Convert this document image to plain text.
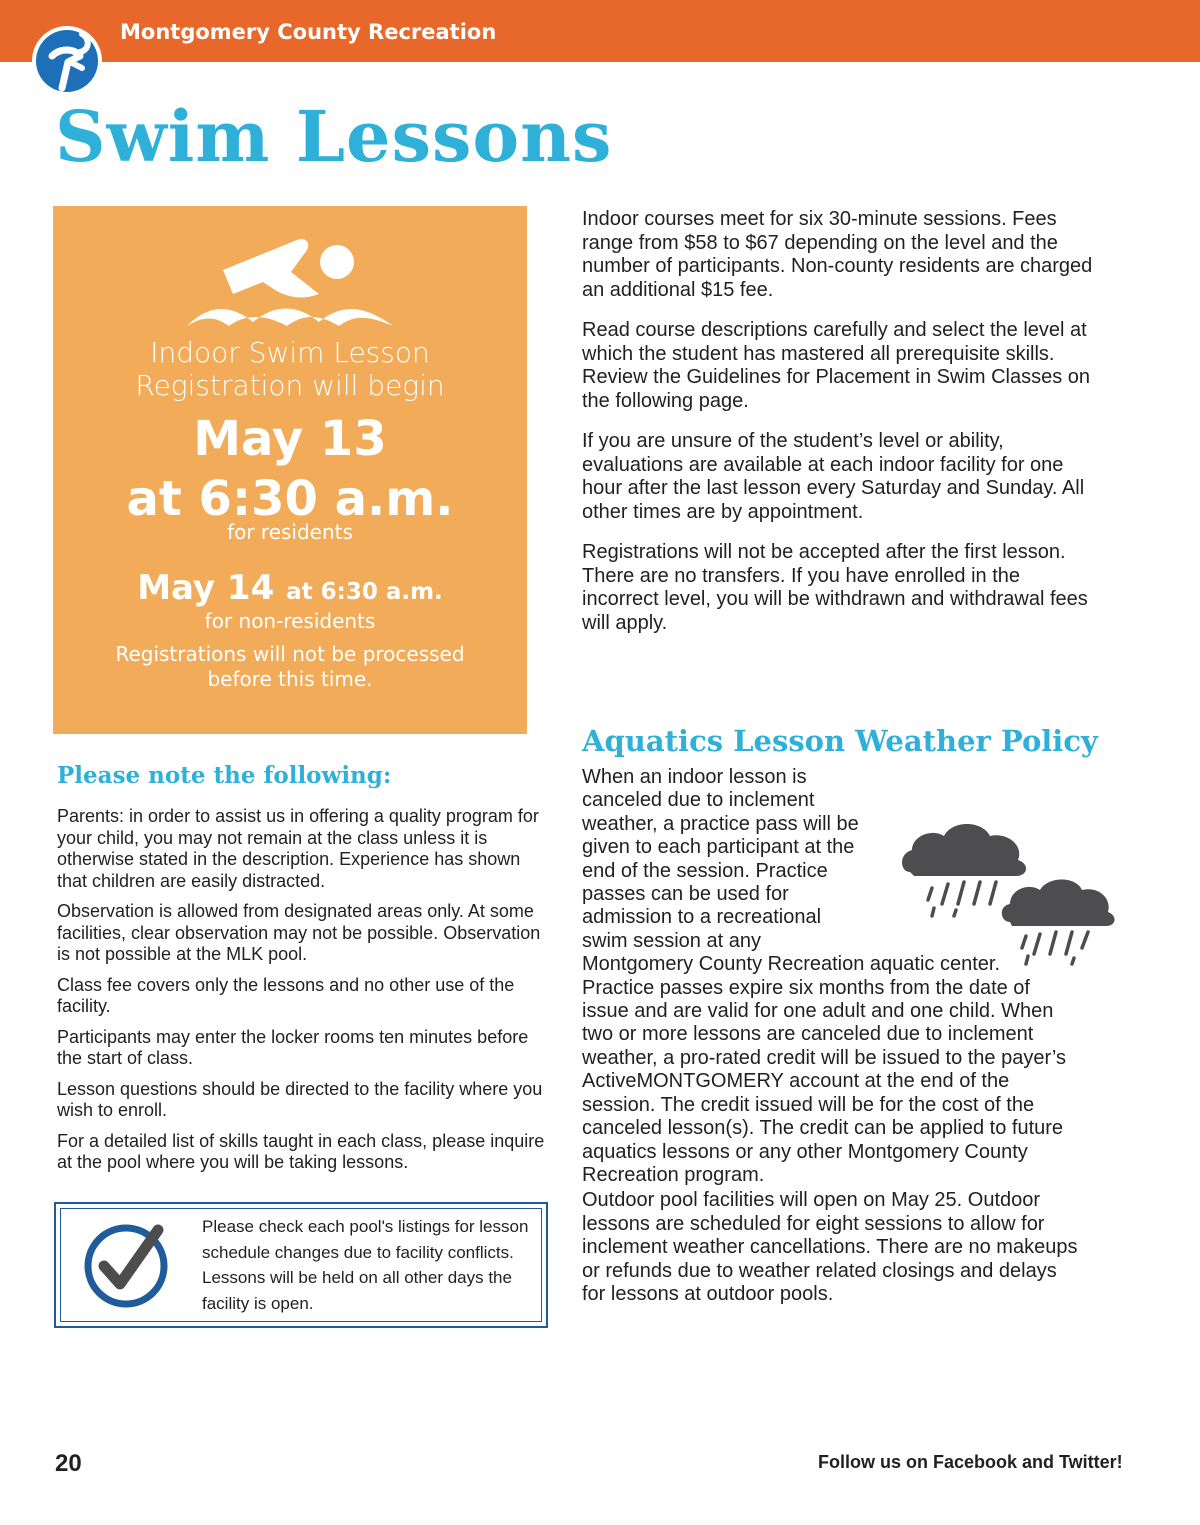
Montgomery County Recreation
Swim Lessons
Indoor Swim Lesson
Registration will begin
May 13
at 6:30 a.m.
for residents
May 14 at 6:30 a.m.
for non-residents
Registrations will not be processed before this time.
Please note the following:

Parents: in order to assist us in offering a quality program for your child, you may not remain at the class unless it is otherwise stated in the description. Experience has shown that children are easily distracted.

Observation is allowed from designated areas only. At some facilities, clear observation may not be possible. Observation is not possible at the MLK pool.

Class fee covers only the lessons and no other use of the facility.

Participants may enter the locker rooms ten minutes before the start of class.

Lesson questions should be directed to the facility where you wish to enroll.

For a detailed list of skills taught in each class, please inquire at the pool where you will be taking lessons.

Please check each pool's listings for lesson schedule changes due to facility conflicts. Lessons will be held on all other days the facility is open.

Indoor courses meet for six 30-minute sessions. Fees range from $58 to $67 depending on the level and the number of participants. Non-county residents are charged an additional $15 fee.

Read course descriptions carefully and select the level at which the student has mastered all prerequisite skills. Review the Guidelines for Placement in Swim Classes on the following page.

If you are unsure of the student’s level or ability, evaluations are available at each indoor facility for one hour after the last lesson every Saturday and Sunday. All other times are by appointment.

Registrations will not be accepted after the first lesson. There are no transfers. If you have enrolled in the incorrect level, you will be withdrawn and withdrawal fees will apply.

Aquatics Lesson Weather Policy

When an indoor lesson is canceled due to inclement weather, a practice pass will be given to each participant at the end of the session. Practice passes can be used for admission to a recreational swim session at any Montgomery County Recreation aquatic center. Practice passes expire six months from the date of issue and are valid for one adult and one child. When two or more lessons are canceled due to inclement weather, a pro-rated credit will be issued to the payer’s ActiveMONTGOMERY account at the end of the session. The credit issued will be for the cost of the canceled lesson(s). The credit can be applied to future aquatics lessons or any other Montgomery County Recreation program.

Outdoor pool facilities will open on May 25. Outdoor lessons are scheduled for eight sessions to allow for inclement weather cancellations. There are no makeups or refunds due to weather related closings and delays for lessons at outdoor pools.

20	Follow us on Facebook and Twitter!
